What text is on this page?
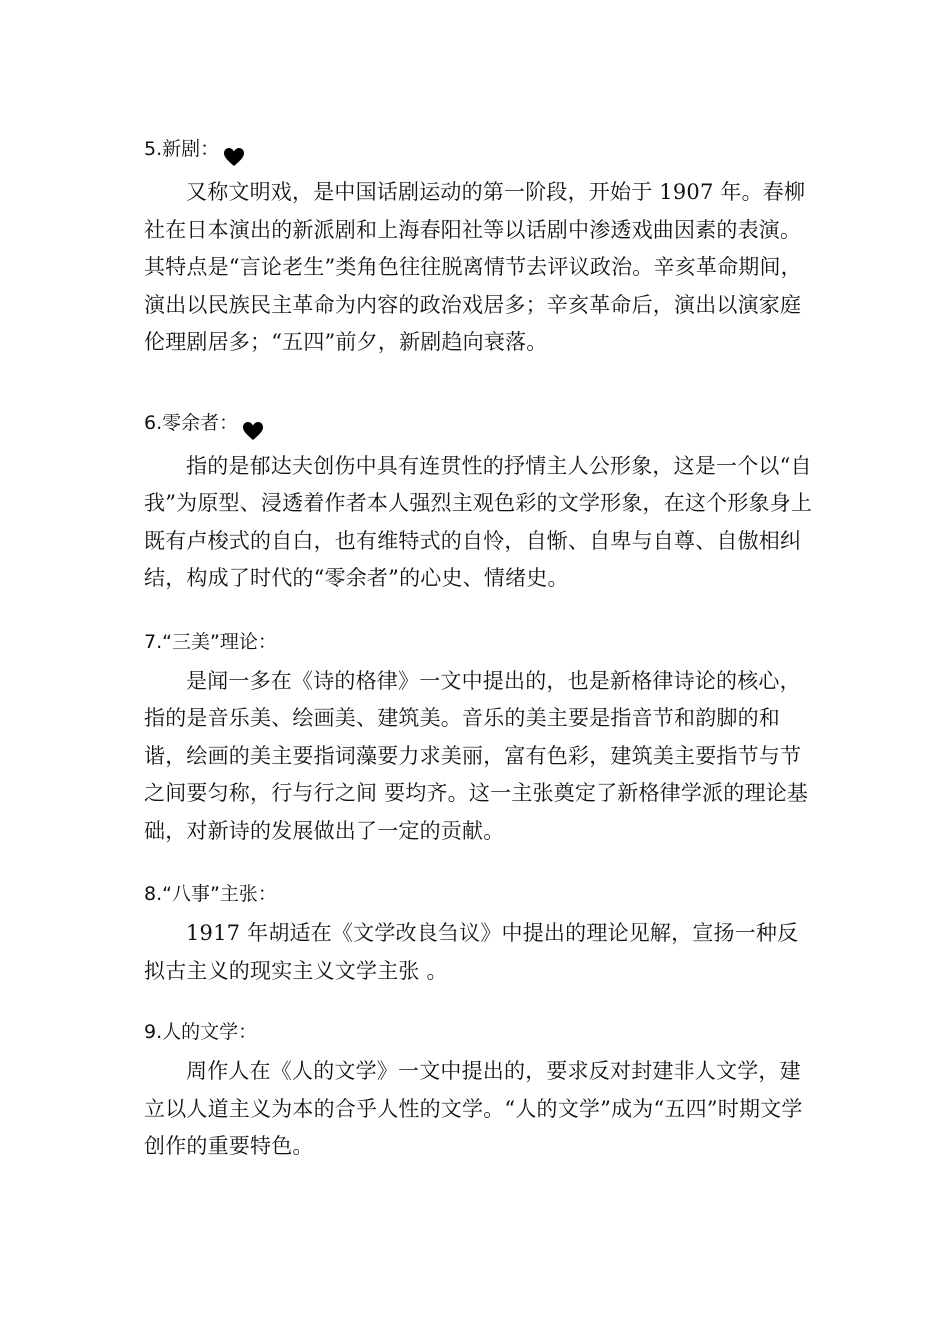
5. 新剧：

又称文明戏，是中国话剧运动的第一阶段，开始于 1907 年。春柳社在日本演出的新派剧和上海春阳社等以话剧中渗透戏曲因素的表演。其特点是“言论老生”类角色往往脱离情节去评议政治。辛亥革命期间，演出以民族民主革命为内容的政治戏居多；辛亥革命后，演出以演家庭伦理剧居多；“五四”前夕，新剧趋向衰落。

6. 零余者：

指的是郁达夫创伤中具有连贯性的抒情主人公形象，这是一个以“自我”为原型、浸透着作者本人强烈主观色彩的文学形象，在这个形象身上既有卢梭式的自白，也有维特式的自怜，自惭、自卑与自尊、自傲相纠结，构成了时代的“零余者”的心史、情绪史。

7. “三美”理论：

是闻一多在《诗的格律》一文中提出的，也是新格律诗论的核心，指的是音乐美、绘画美、建筑美。音乐的美主要是指音节和韵脚的和谐，绘画的美主要指词藻要力求美丽，富有色彩，建筑美主要指节与节之间要匀称，行与行之间 要均齐。这一主张奠定了新格律学派的理论基础，对新诗的发展做出了一定的贡献。

8. “八事”主张：

1917 年胡适在《文学改良刍议》中提出的理论见解，宣扬一种反拟古主义的现实主义文学主张 。

9. 人的文学：

周作人在《人的文学》一文中提出的，要求反对封建非人文学，建立以人道主义为本的合乎人性的文学。“人的文学”成为“五四”时期文学创作的重要特色。
